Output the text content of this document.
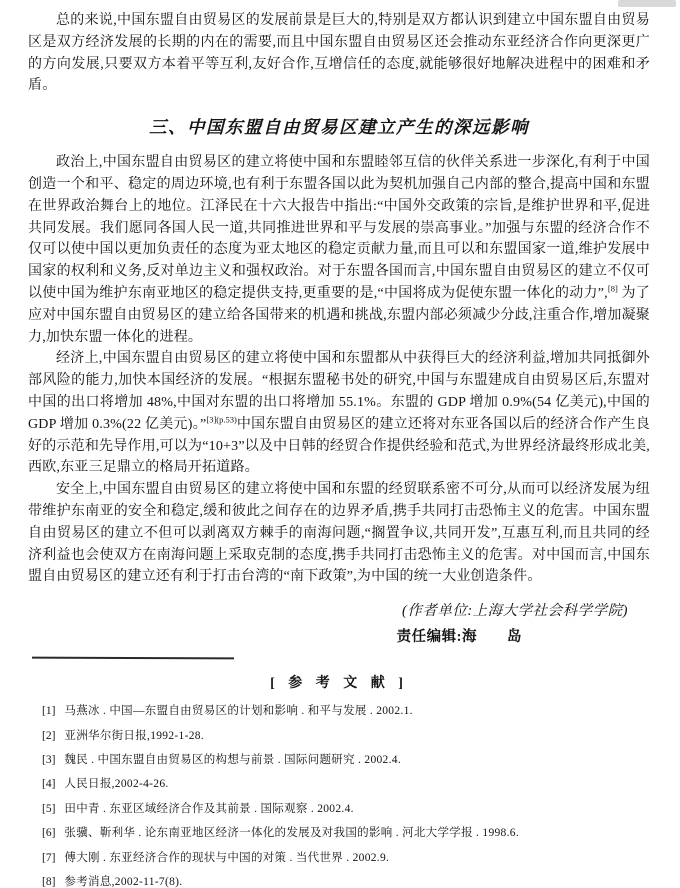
总的来说,中国东盟自由贸易区的发展前景是巨大的,特别是双方都认识到建立中国东盟自由贸易区是双方经济发展的长期的内在的需要,而且中国东盟自由贸易区还会推动东亚经济合作向更深更广的方向发展,只要双方本着平等互利,友好合作,互增信任的态度,就能够很好地解决进程中的困难和矛盾。

三、中国东盟自由贸易区建立产生的深远影响

政治上,中国东盟自由贸易区的建立将使中国和东盟睦邻互信的伙伴关系进一步深化,有利于中国创造一个和平、稳定的周边环境,也有利于东盟各国以此为契机加强自己内部的整合,提高中国和东盟在世界政治舞台上的地位。江泽民在十六大报告中指出:“中国外交政策的宗旨,是维护世界和平,促进共同发展。我们愿同各国人民一道,共同推进世界和平与发展的崇高事业。”加强与东盟的经济合作不仅可以使中国以更加负责任的态度为亚太地区的稳定贡献力量,而且可以和东盟国家一道,维护发展中国家的权利和义务,反对单边主义和强权政治。对于东盟各国而言,中国东盟自由贸易区的建立不仅可以使中国为维护东南亚地区的稳定提供支持,更重要的是,“中国将成为促使东盟一体化的动力”,[8] 为了应对中国东盟自由贸易区的建立给各国带来的机遇和挑战,东盟内部必须减少分歧,注重合作,增加凝聚力,加快东盟一体化的进程。

经济上,中国东盟自由贸易区的建立将使中国和东盟都从中获得巨大的经济利益,增加共同抵御外部风险的能力,加快本国经济的发展。“根据东盟秘书处的研究,中国与东盟建成自由贸易区后,东盟对中国的出口将增加 48%,中国对东盟的出口将增加 55.1%。东盟的 GDP 增加 0.9%(54 亿美元),中国的 GDP 增加 0.3%(22 亿美元)。”$^{[3](p.53)}$中国东盟自由贸易区的建立还将对东亚各国以后的经济合作产生良好的示范和先导作用,可以为“10+3”以及中日韩的经贸合作提供经验和范式,为世界经济最终形成北美,西欧,东亚三足鼎立的格局开拓道路。

安全上,中国东盟自由贸易区的建立将使中国和东盟的经贸联系密不可分,从而可以经济发展为纽带维护东南亚的安全和稳定,缓和彼此之间存在的边界矛盾,携手共同打击恐怖主义的危害。中国东盟自由贸易区的建立不但可以剥离双方棘手的南海问题,“搁置争议,共同开发”,互惠互利,而且共同的经济利益也会使双方在南海问题上采取克制的态度,携手共同打击恐怖主义的危害。对中国而言,中国东盟自由贸易区的建立还有利于打击台湾的“南下政策”,为中国的统一大业创造条件。

(作者单位:上海大学社会科学学院)
责任编辑:海　　岛
[ 参 考 文 献 ]
[1] 马燕冰 . 中国—东盟自由贸易区的计划和影响 . 和平与发展 . 2002.1.
[2] 亚洲华尔街日报,1992-1-28.
[3] 魏民 . 中国东盟自由贸易区的构想与前景 . 国际问题研究 . 2002.4.
[4] 人民日报,2002-4-26.
[5] 田中青 . 东亚区域经济合作及其前景 . 国际观察 . 2002.4.
[6] 张骥、靳利华 . 论东南亚地区经济一体化的发展及对我国的影响 . 河北大学学报 . 1998.6.
[7] 傅大刚 . 东亚经济合作的现状与中国的对策 . 当代世界 . 2002.9.
[8] 参考消息,2002-11-7(8).
